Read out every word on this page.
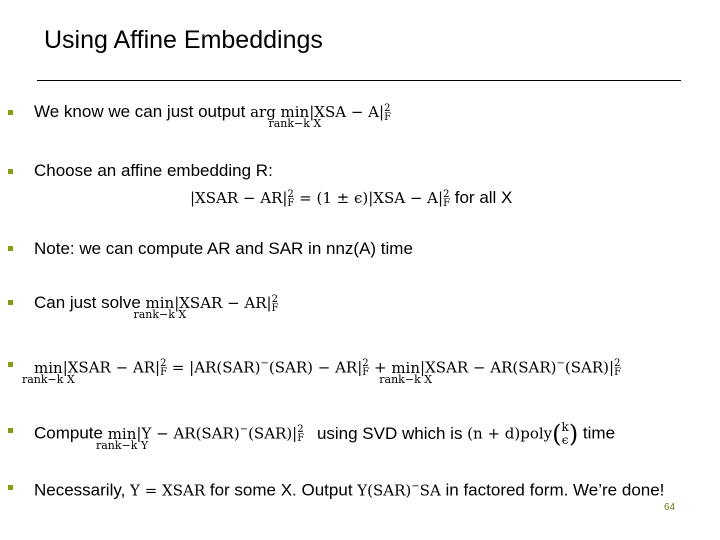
Using Affine Embeddings
We know we can just output arg min
rank−k X
|XSA − A| 2
F
Choose an affine embedding R:
|XSAR − AR| 2
F = (1 ± ϵ)|XSA − A| 2
F for all X
Note: we can compute AR and SAR in nnz(A) time
Can just solve min
rank−k X
|XSAR − AR| 2
F
min
rank−k X
|XSAR − AR| 2
F = |AR(SAR)−(SAR) − AR| 2
F + min
rank−k X
|XSAR − AR(SAR)−(SAR)| 2
F
Compute min
rank−k Y
|Y − AR(SAR)−(SAR)| 2
F using SVD which is (n + d)poly( k
ϵ ) time
Necessarily, Y = XSAR for some X. Output Y(SAR)−SA in factored form. We’re done!
64
